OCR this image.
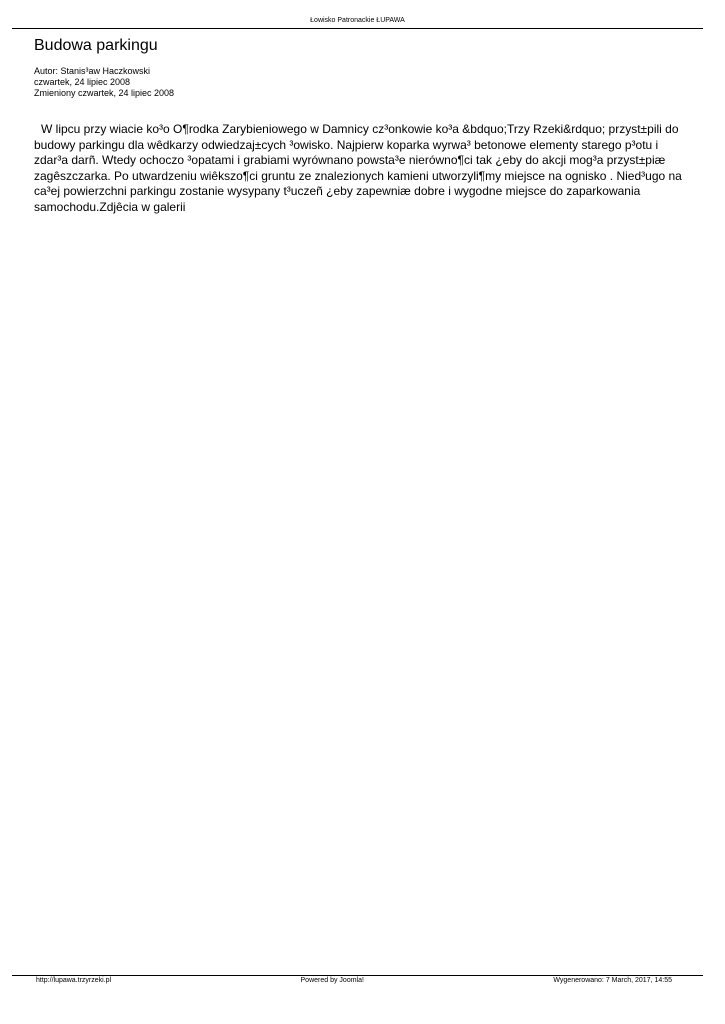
Łowisko Patronackie ŁUPAWA
Budowa parkingu
Autor: Stanis³aw Haczkowski
czwartek, 24 lipiec 2008
Zmieniony czwartek, 24 lipiec 2008

W lipcu przy wiacie ko³o O¶rodka Zarybieniowego w Damnicy cz³onkowie ko³a &bdquo;Trzy Rzeki&rdquo; przyst±pili do budowy parkingu dla wêdkarzy odwiedzaj±cych ³owisko. Najpierw koparka wyrwa³ betonowe elementy starego p³otu i zdar³a darñ. Wtedy ochoczo ³opatami i grabiami wyrównano powsta³e nierówno¶ci tak ¿eby do akcji mog³a przyst±piæ zagêszczarka. Po utwardzeniu wiêkszo¶ci gruntu ze znalezionych kamieni utworzyli¶my miejsce na ognisko . Nied³ugo na ca³ej powierzchni parkingu zostanie wysypany t³uczeñ ¿eby zapewniæ dobre i wygodne miejsce do zaparkowania samochodu.Zdjêcia w galerii

http://lupawa.trzyrzeki.pl	Powered by Joomla!	Wygenerowano: 7 March, 2017, 14:55
